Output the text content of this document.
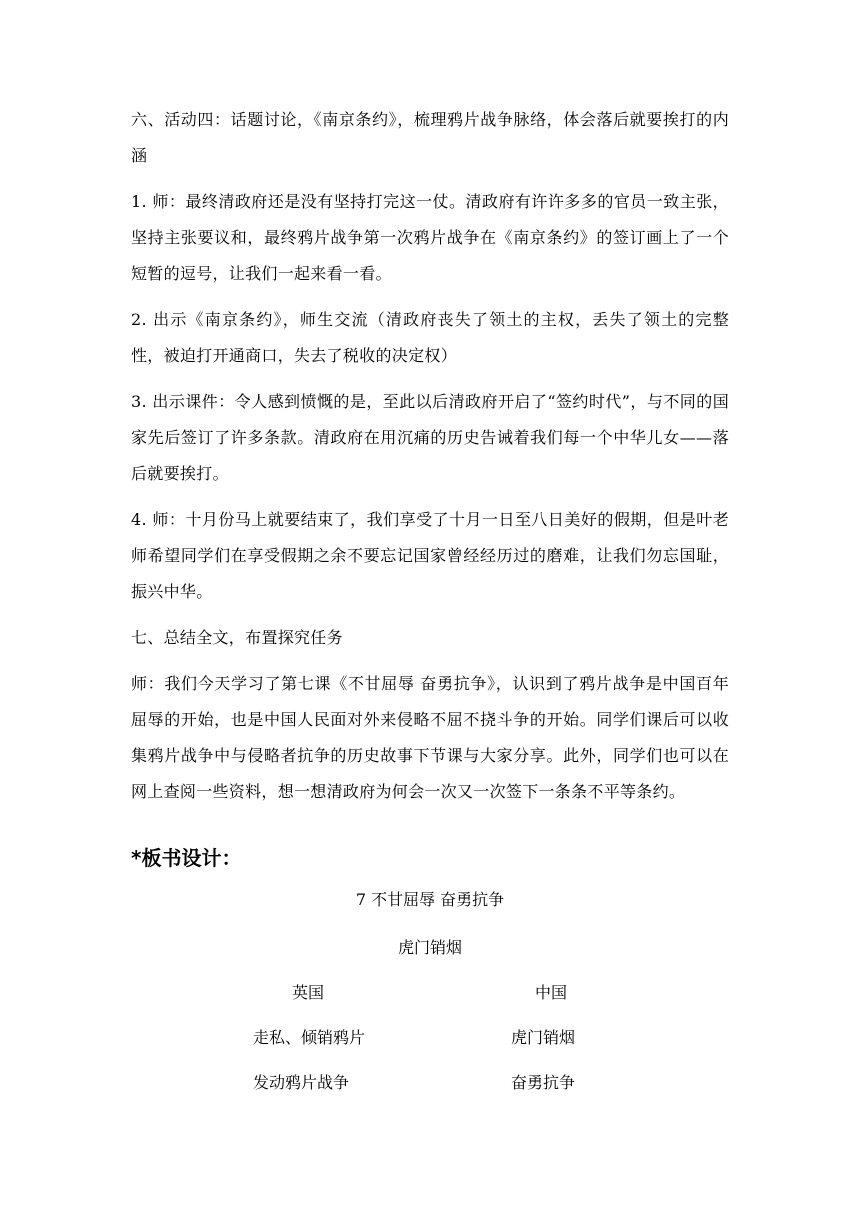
六、活动四：话题讨论，《南京条约》，梳理鸦片战争脉络，体会落后就要挨打的内涵

1. 师：最终清政府还是没有坚持打完这一仗。清政府有许许多多的官员一致主张，坚持主张要议和，最终鸦片战争第一次鸦片战争在《南京条约》的签订画上了一个短暂的逗号，让我们一起来看一看。

2. 出示《南京条约》，师生交流（清政府丧失了领土的主权，丢失了领土的完整性，被迫打开通商口，失去了税收的决定权）

3. 出示课件：令人感到愤慨的是，至此以后清政府开启了“签约时代”，与不同的国家先后签订了许多条款。清政府在用沉痛的历史告诫着我们每一个中华儿女——落后就要挨打。

4. 师：十月份马上就要结束了，我们享受了十月一日至八日美好的假期，但是叶老师希望同学们在享受假期之余不要忘记国家曾经经历过的磨难，让我们勿忘国耻，振兴中华。

七、总结全文，布置探究任务

师：我们今天学习了第七课《不甘屈辱 奋勇抗争》，认识到了鸦片战争是中国百年屈辱的开始，也是中国人民面对外来侵略不屈不挠斗争的开始。同学们课后可以收集鸦片战争中与侵略者抗争的历史故事下节课与大家分享。此外，同学们也可以在网上查阅一些资料，想一想清政府为何会一次又一次签下一条条不平等条约。

*板书设计：
7 不甘屈辱 奋勇抗争
虎门销烟
英国	中国
走私、倾销鸦片	虎门销烟
发动鸦片战争	奋勇抗争
